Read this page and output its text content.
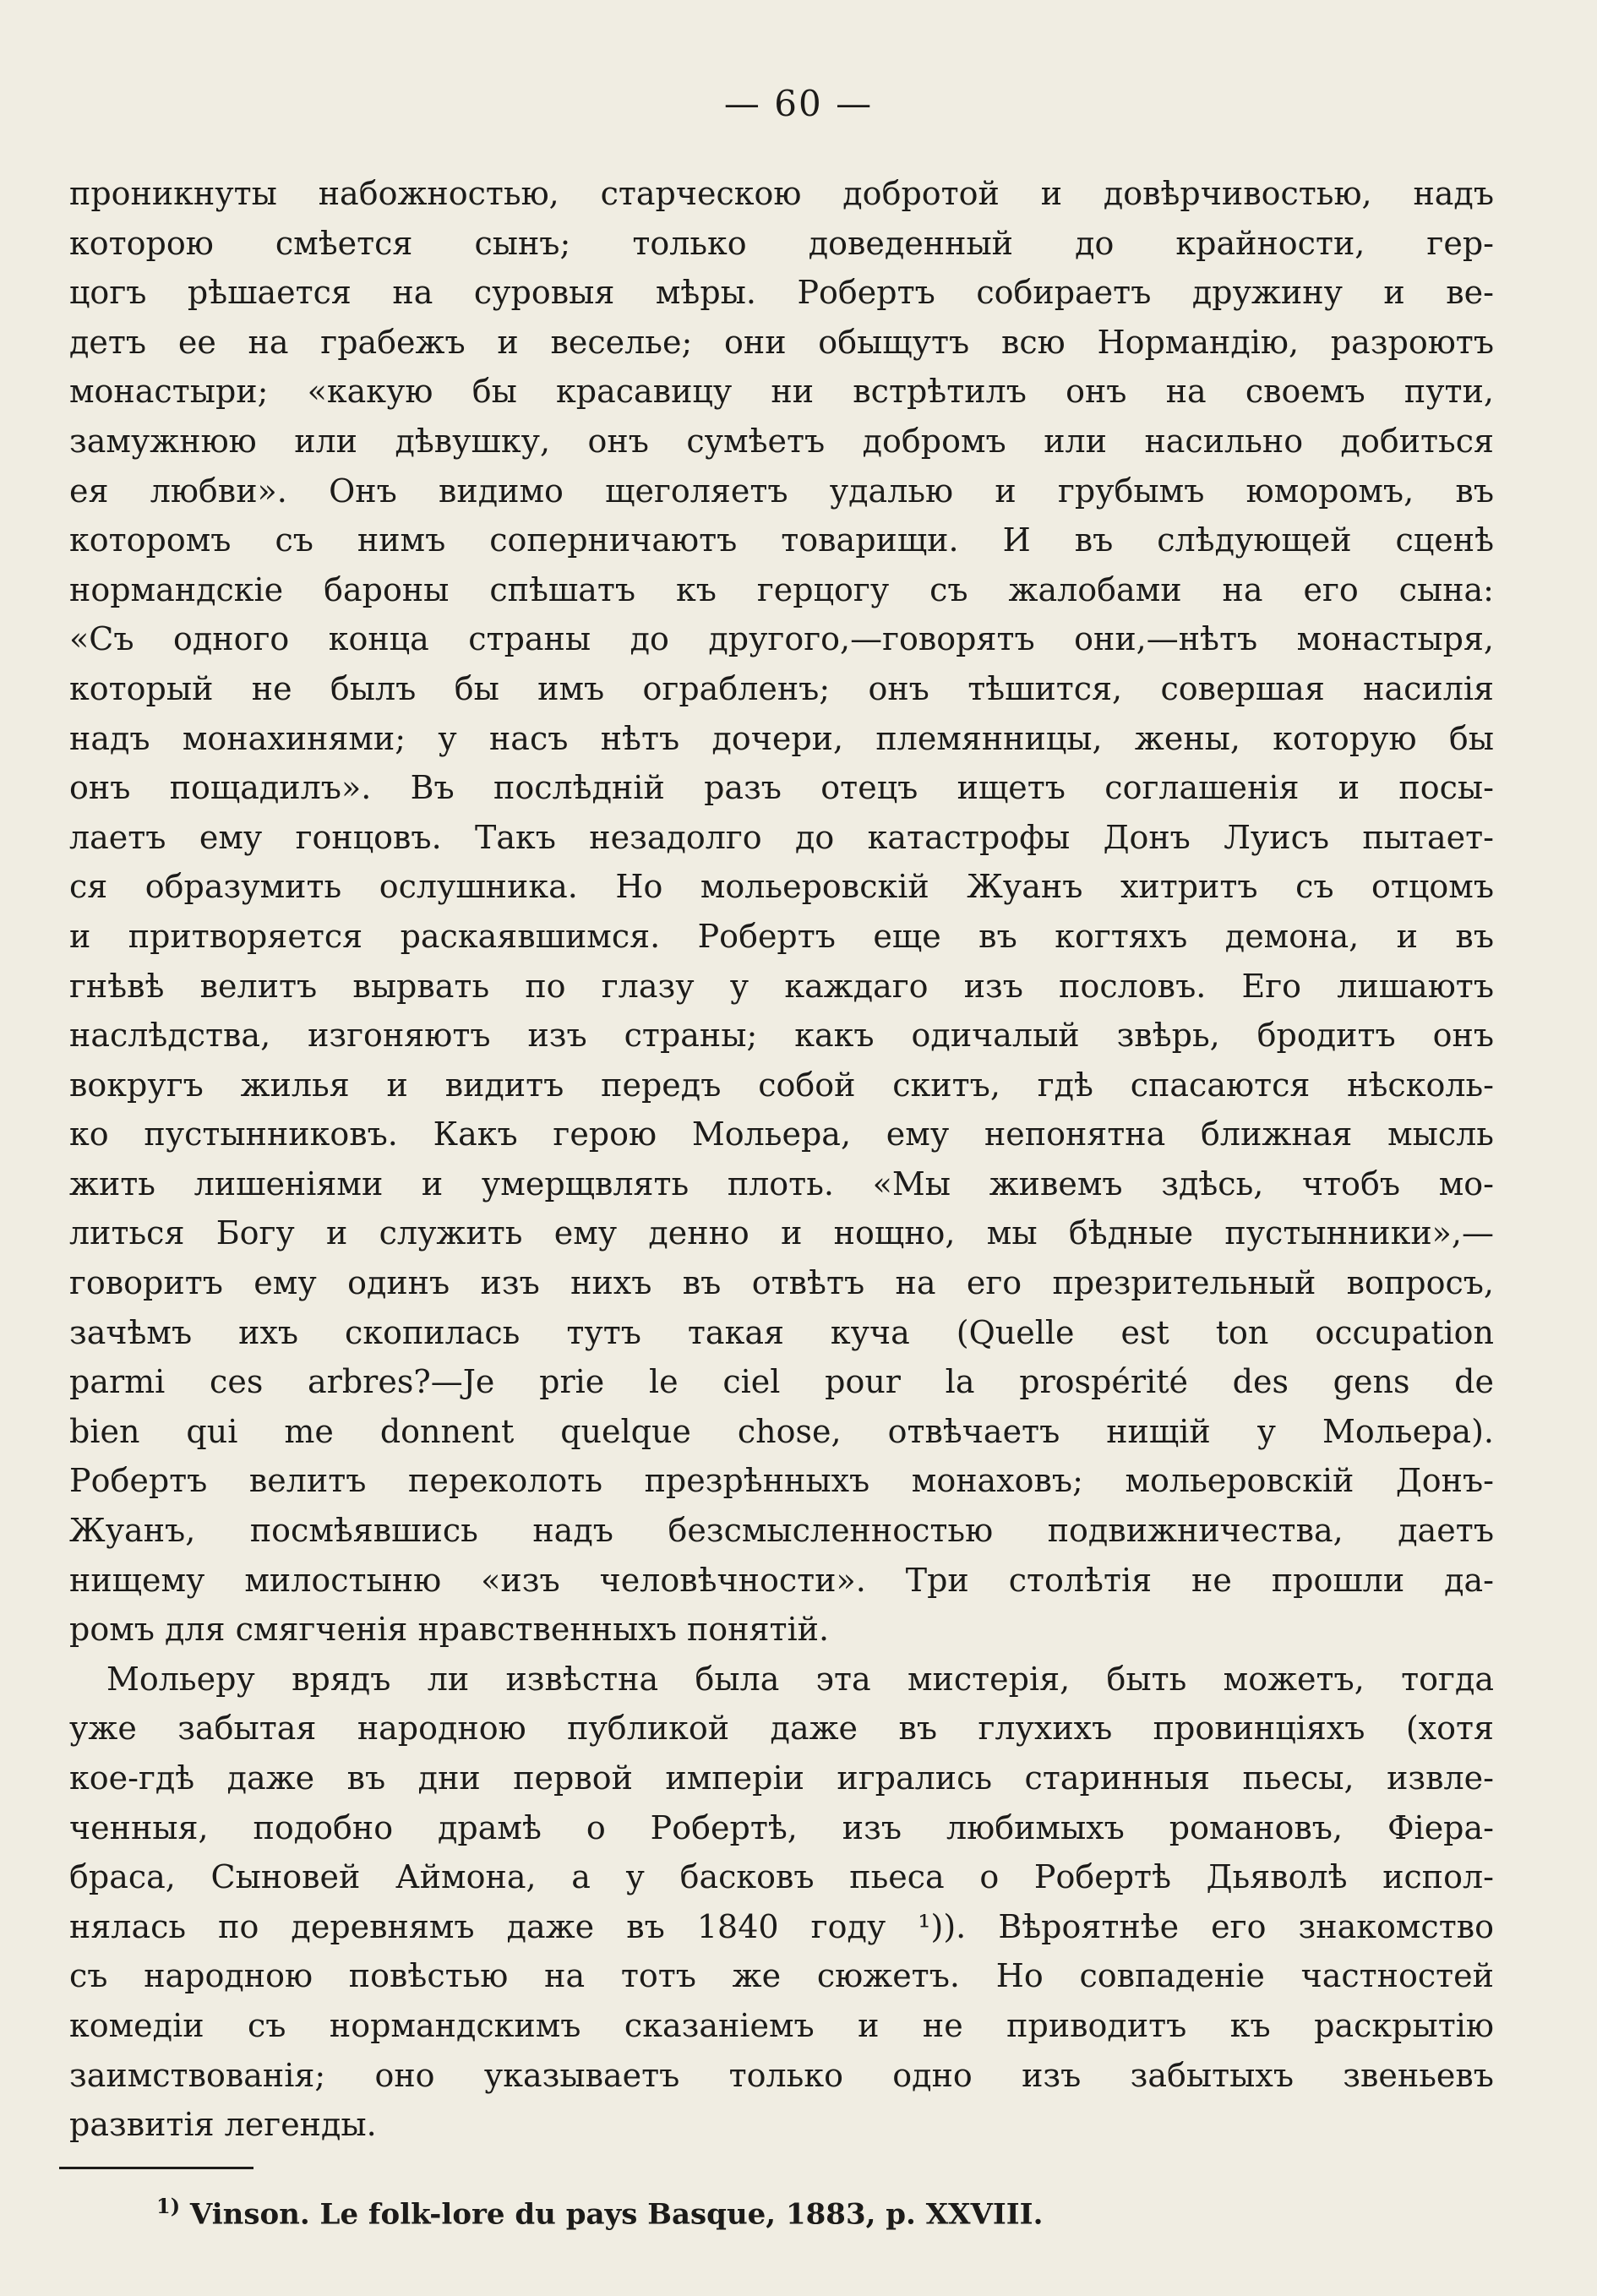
— 60 —
проникнуты набожностью, старческою добротой и довѣрчивостью, надъ
которою смѣется сынъ; только доведенный до крайности, гер-
цогъ рѣшается на суровыя мѣры. Робертъ собираетъ дружину и ве-
детъ ее на грабежъ и веселье; они обыщутъ всю Нормандію, разроютъ
монастыри; «какую бы красавицу ни встрѣтилъ онъ на своемъ пути,
замужнюю или дѣвушку, онъ сумѣетъ добромъ или насильно добиться
ея любви». Онъ видимо щеголяетъ удалью и грубымъ юморомъ, въ
которомъ съ нимъ соперничаютъ товарищи. И въ слѣдующей сценѣ
нормандскіе бароны спѣшатъ къ герцогу съ жалобами на его сына:
«Съ одного конца страны до другого,—говорятъ они,—нѣтъ монастыря,
который не былъ бы имъ ограбленъ; онъ тѣшится, совершая насилія
надъ монахинями; у насъ нѣтъ дочери, племянницы, жены, которую бы
онъ пощадилъ». Въ послѣдній разъ отецъ ищетъ соглашенія и посы-
лаетъ ему гонцовъ. Такъ незадолго до катастрофы Донъ Луисъ пытает-
ся образумить ослушника. Но мольеровскій Жуанъ хитритъ съ отцомъ
и притворяется раскаявшимся. Робертъ еще въ когтяхъ демона, и въ
гнѣвѣ велитъ вырвать по глазу у каждаго изъ пословъ. Его лишаютъ
наслѣдства, изгоняютъ изъ страны; какъ одичалый звѣрь, бродитъ онъ
вокругъ жилья и видитъ передъ собой скитъ, гдѣ спасаются нѣсколь-
ко пустынниковъ. Какъ герою Мольера, ему непонятна ближная мысль
жить лишеніями и умерщвлять плоть. «Мы живемъ здѣсь, чтобъ мо-
литься Богу и служить ему денно и нощно, мы бѣдные пустынники»,—
говоритъ ему одинъ изъ нихъ въ отвѣтъ на его презрительный вопросъ,
зачѣмъ ихъ скопилась тутъ такая куча (Quelle est ton occupation
parmi ces arbres?—Je prie le ciel pour la prospérité des gens de
bien qui me donnent quelque chose, отвѣчаетъ нищій у Мольера).
Робертъ велитъ переколоть презрѣнныхъ монаховъ; мольеровскій Донъ-
Жуанъ, посмѣявшись надъ безсмысленностью подвижничества, даетъ
нищему милостыню «изъ человѣчности». Три столѣтія не прошли да-
ромъ для смягченія нравственныхъ понятій.
Мольеру врядъ ли извѣстна была эта мистерія, быть можетъ, тогда
уже забытая народною публикой даже въ глухихъ провинціяхъ (хотя
кое-гдѣ даже въ дни первой имперіи игрались старинныя пьесы, извле-
ченныя, подобно драмѣ о Робертѣ, изъ любимыхъ романовъ, Фіера-
браса, Сыновей Аймона, а у басковъ пьеса о Робертѣ Дьяволѣ испол-
нялась по деревнямъ даже въ 1840 году ¹)). Вѣроятнѣе его знакомство
съ народною повѣстью на тотъ же сюжетъ. Но совпаденіе частностей
комедіи съ нормандскимъ сказаніемъ и не приводитъ къ раскрытію
заимствованія; оно указываетъ только одно изъ забытыхъ звеньевъ
развитія легенды.
$^{1)}$ Vinson. Le folk-lore du pays Basque, 1883, p. XXVIII.
